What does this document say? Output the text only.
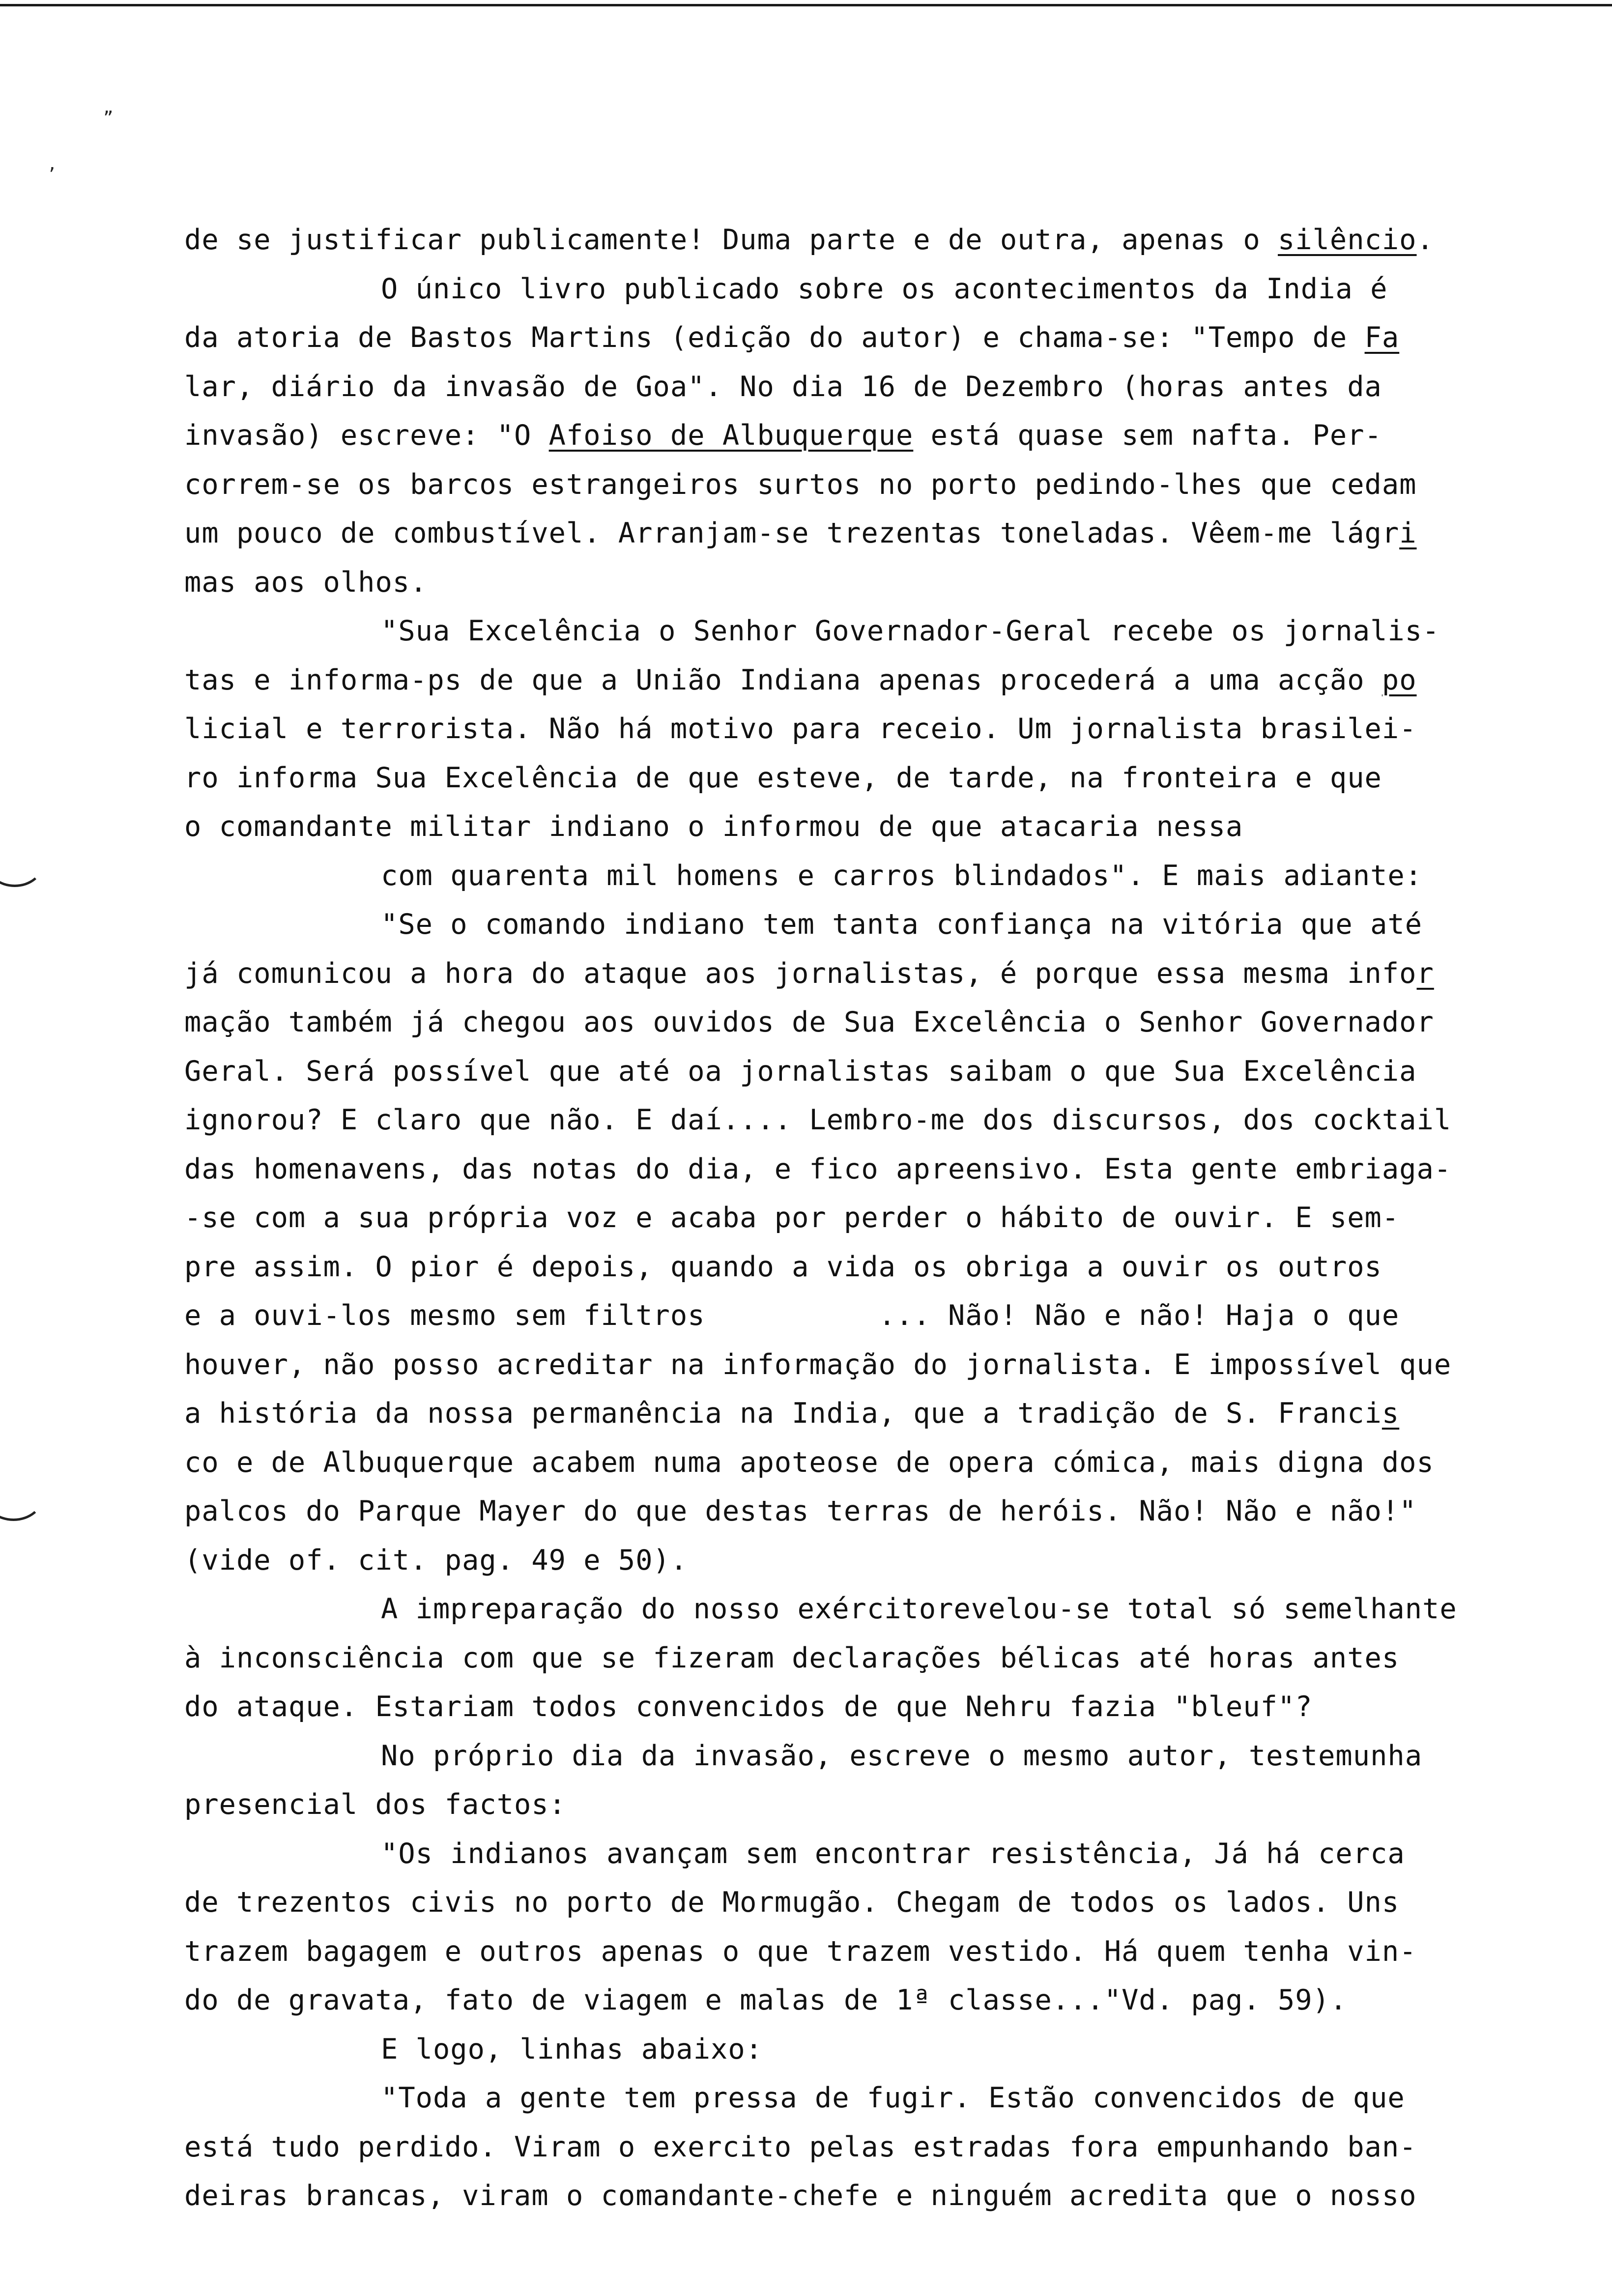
”
’
de se justificar publicamente! Duma parte e de outra, apenas o silêncio.
O único livro publicado sobre os acontecimentos da India é
da atoria de Bastos Martins (edição do autor) e chama-se: "Tempo de Fa
lar, diário da invasão de Goa". No dia 16 de Dezembro (horas antes da
invasão) escreve: "O Afoiso de Albuquerque está quase sem nafta. Per-
correm-se os barcos estrangeiros surtos no porto pedindo-lhes que cedam
um pouco de combustível. Arranjam-se trezentas toneladas. Vêem-me lágri
mas aos olhos.
"Sua Excelência o Senhor Governador-Geral recebe os jornalis-
tas e informa-ps de que a União Indiana apenas procederá a uma acção po
licial e terrorista. Não há motivo para receio. Um jornalista brasilei-
ro informa Sua Excelência de que esteve, de tarde, na fronteira e que
o comandante militar indiano o informou de que atacaria nessa
com quarenta mil homens e carros blindados". E mais adiante:
"Se o comando indiano tem tanta confiança na vitória que até
já comunicou a hora do ataque aos jornalistas, é porque essa mesma infor
mação também já chegou aos ouvidos de Sua Excelência o Senhor Governador
Geral. Será possível que até oa jornalistas saibam o que Sua Excelência
ignorou? E claro que não. E daí.... Lembro-me dos discursos, dos cocktail
das homenavens, das notas do dia, e fico apreensivo. Esta gente embriaga-
-se com a sua própria voz e acaba por perder o hábito de ouvir. E sem-
pre assim. O pior é depois, quando a vida os obriga a ouvir os outros
e a ouvi-los mesmo sem filtros          ... Não! Não e não! Haja o que
houver, não posso acreditar na informação do jornalista. E impossível que
a história da nossa permanência na India, que a tradição de S. Francis
co e de Albuquerque acabem numa apoteose de opera cómica, mais digna dos
palcos do Parque Mayer do que destas terras de heróis. Não! Não e não!"
(vide of. cit. pag. 49 e 50).
A impreparação do nosso exércitorevelou-se total só semelhante
à inconsciência com que se fizeram declarações bélicas até horas antes
do ataque. Estariam todos convencidos de que Nehru fazia "bleuf"?
No próprio dia da invasão, escreve o mesmo autor, testemunha
presencial dos factos:
"Os indianos avançam sem encontrar resistência, Já há cerca
de trezentos civis no porto de Mormugão. Chegam de todos os lados. Uns
trazem bagagem e outros apenas o que trazem vestido. Há quem tenha vin-
do de gravata, fato de viagem e malas de 1ª classe..."Vd. pag. 59).
E logo, linhas abaixo:
"Toda a gente tem pressa de fugir. Estão convencidos de que
está tudo perdido. Viram o exercito pelas estradas fora empunhando ban-
deiras brancas, viram o comandante-chefe e ninguém acredita que o nosso
